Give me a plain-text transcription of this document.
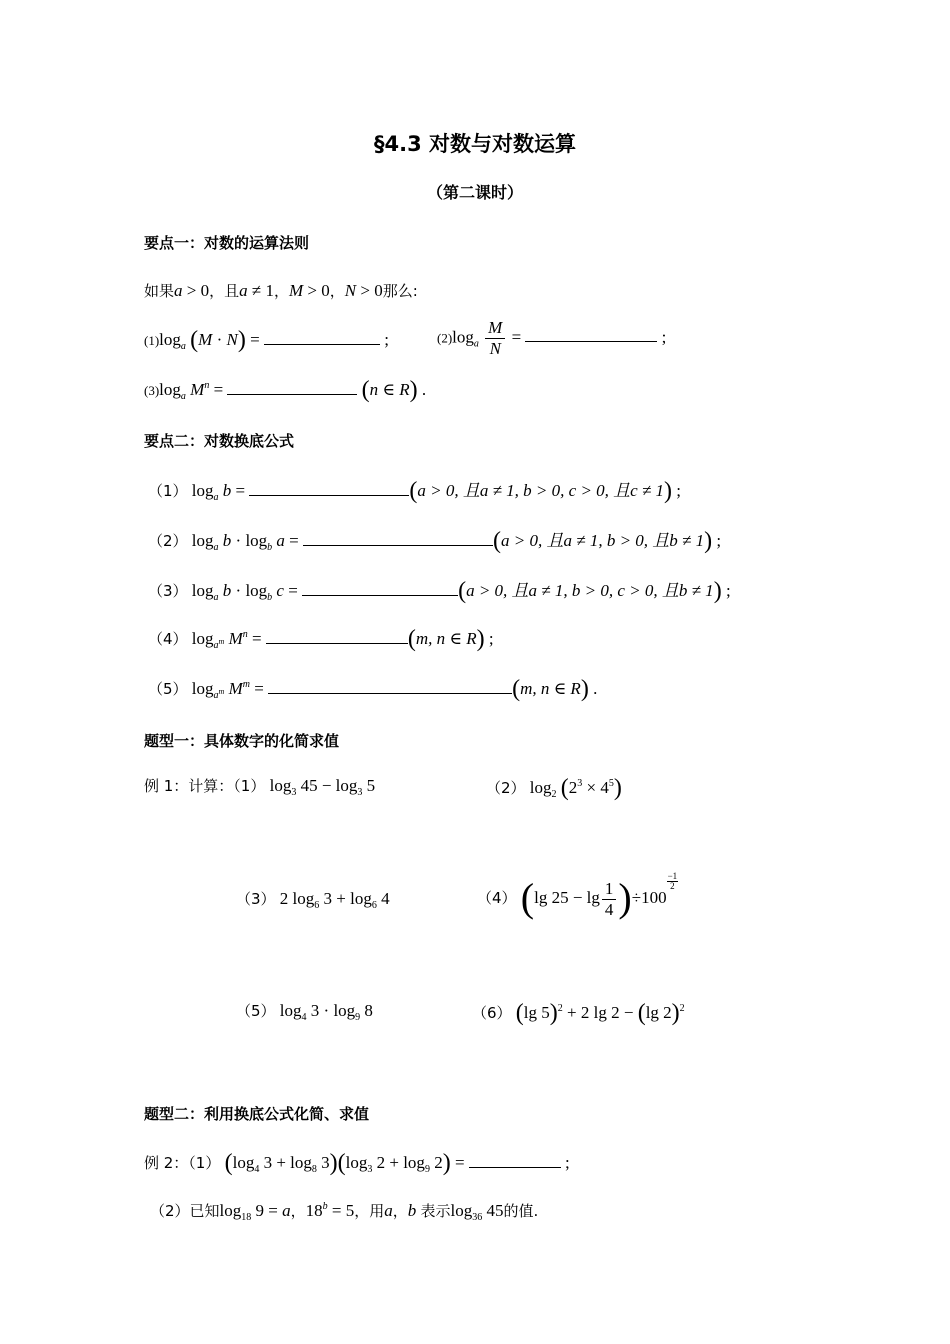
§4.3 对数与对数运算
（第二课时）
要点一：对数的运算法则
如果a > 0，且a ≠ 1，M > 0，N > 0那么:
$(1)\log_a$ (M · N) =	;	$(2)\log_a \frac{M}{N}$ =	;
$(3)\log_a$ $M^n$ =	(n ∈ R) .
要点二：对数换底公式
（1） $\log_a b$ =	(a > 0, 且a ≠ 1, b > 0, c > 0, 且c ≠ 1) ;
（2） $\log_a b \cdot \log_b a$ =	(a > 0, 且a ≠ 1, b > 0, 且b ≠ 1) ;
（3） $\log_a b \cdot \log_b c$ =	(a > 0, 且a ≠ 1, b > 0, c > 0, 且b ≠ 1) ;
（4） $\log_{a^m} M^n$ =	(m, n ∈ R) ;
（5） $\log_{a^m} M^m$ =	(m, n ∈ R) .
题型一：具体数字的化简求值
例 1：计算：（1） $\log_3 45 - \log_3 5$	（2） $\log_2 (2^3 \times 4^5)$
（3） 2 $\log_6 3 + \log_6 4$	（4） (lg $25 - \lg \frac{1}{4} )\div 100$
$\frac{-1}{2}$
（5） $\log_4 3 \cdot \log_9 8$	（6） (lg 5)$^2$ + 2 lg 2 − (lg 2)$^2$
题型二：利用换底公式化简、求值
例 2：（1） ($\log_4$ $3 + \log_8 3)(\log_3$ $2 + \log_9 2$) =	;
（2）已知$\log_{18} 9 = a$，$18^b = 5$，用a，b 表示$\log_{36} 45$的值.
